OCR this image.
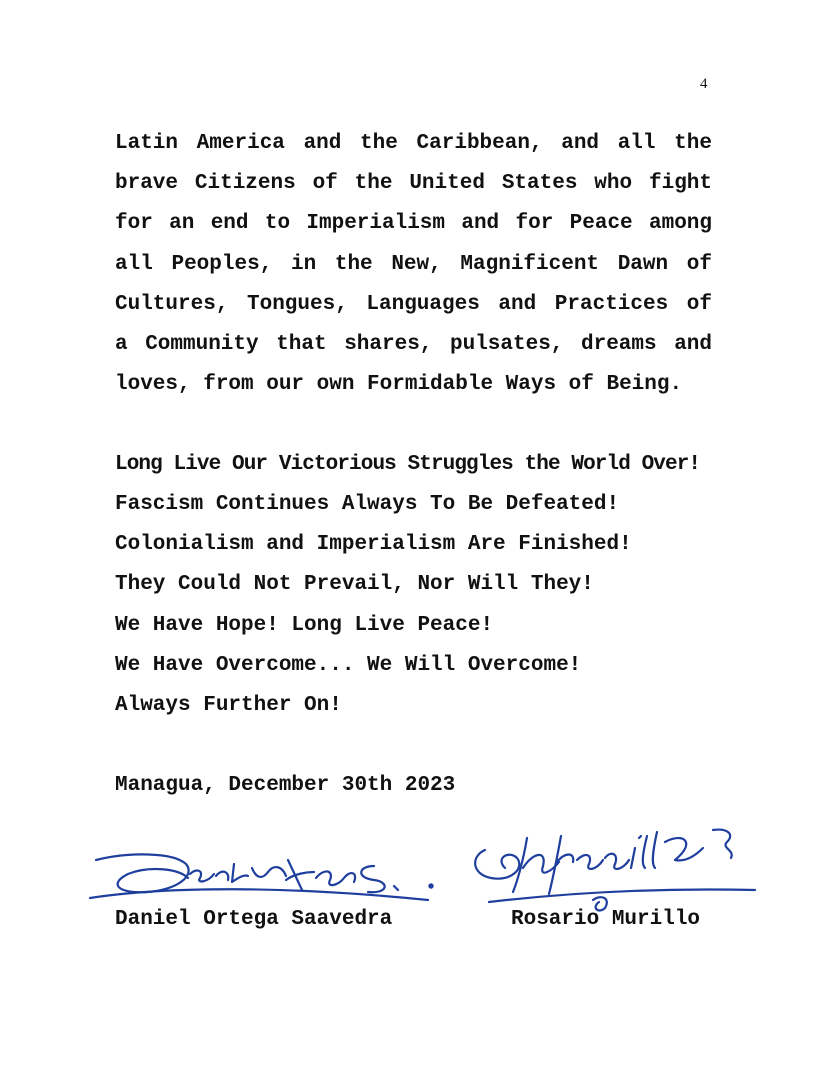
4
Latin America and the Caribbean, and all the
brave Citizens of the United States who fight
for an end to Imperialism and for Peace among
all Peoples, in the New, Magnificent Dawn of
Cultures, Tongues, Languages and Practices of
a Community that shares, pulsates, dreams and
loves, from our own Formidable Ways of Being.
Long Live Our Victorious Struggles the World Over!
Fascism Continues Always To Be Defeated!
Colonialism and Imperialism Are Finished!
They Could Not Prevail, Nor Will They!
We Have Hope! Long Live Peace!
We Have Overcome... We Will Overcome!
Always Further On!
Managua, December 30th 2023
Daniel Ortega Saavedra	Rosario Murillo
